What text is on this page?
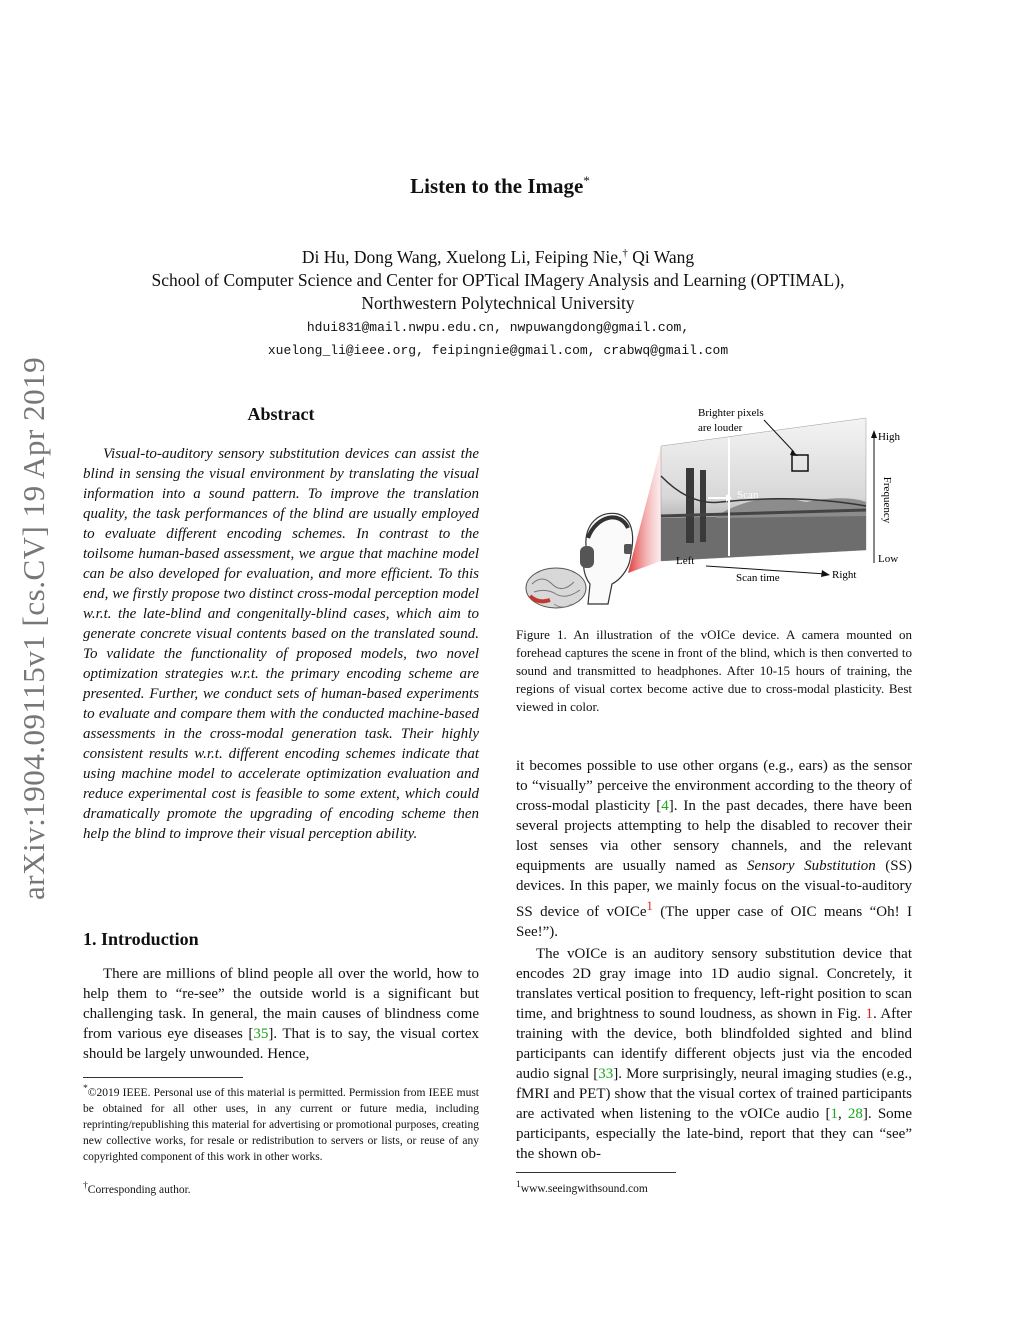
Listen to the Image*
Di Hu, Dong Wang, Xuelong Li, Feiping Nie,† Qi Wang
School of Computer Science and Center for OPTical IMagery Analysis and Learning (OPTIMAL),
Northwestern Polytechnical University
hdui831@mail.nwpu.edu.cn, nwpuwangdong@gmail.com,
xuelong_li@ieee.org, feipingnie@gmail.com, crabwq@gmail.com
arXiv:1904.09115v1 [cs.CV] 19 Apr 2019	Abstract

Visual-to-auditory sensory substitution devices can assist the blind in sensing the visual environment by translating the visual information into a sound pattern. To improve the translation quality, the task performances of the blind are usually employed to evaluate different encoding schemes. In contrast to the toilsome human-based assessment, we argue that machine model can be also developed for evaluation, and more efficient. To this end, we firstly propose two distinct cross-modal perception model w.r.t. the late-blind and congenitally-blind cases, which aim to generate concrete visual contents based on the translated sound. To validate the functionality of proposed models, two novel optimization strategies w.r.t. the primary encoding scheme are presented. Further, we conduct sets of human-based experiments to evaluate and compare them with the conducted machine-based assessments in the cross-modal generation task. Their highly consistent results w.r.t. different encoding schemes indicate that using machine model to accelerate optimization evaluation and reduce experimental cost is feasible to some extent, which could dramatically promote the upgrading of encoding scheme then help the blind to improve their visual perception ability.

1. Introduction

There are millions of blind people all over the world, how to help them to “re-see” the outside world is a significant but challenging task. In general, the main causes of blindness come from various eye diseases [35]. That is to say, the visual cortex should be largely unwounded. Hence,

*©2019 IEEE. Personal use of this material is permitted. Permission from IEEE must be obtained for all other uses, in any current or future media, including reprinting/republishing this material for advertising or promotional purposes, creating new collective works, for resale or redistribution to servers or lists, or reuse of any copyrighted component of this work in other works.

†Corresponding author.

Scan
Brighter pixels
are louder
High
Low
Frequency
Left
Scan time	Right

Figure 1. An illustration of the vOICe device. A camera mounted on forehead captures the scene in front of the blind, which is then converted to sound and transmitted to headphones. After 10-15 hours of training, the regions of visual cortex become active due to cross-modal plasticity. Best viewed in color.

it becomes possible to use other organs (e.g., ears) as the sensor to “visually” perceive the environment according to the theory of cross-modal plasticity [4]. In the past decades, there have been several projects attempting to help the disabled to recover their lost senses via other sensory channels, and the relevant equipments are usually named as Sensory Substitution (SS) devices. In this paper, we mainly focus on the visual-to-auditory SS device of vOICe$^1$ (The upper case of OIC means “Oh! I See!”).

The vOICe is an auditory sensory substitution device that encodes 2D gray image into 1D audio signal. Concretely, it translates vertical position to frequency, left-right position to scan time, and brightness to sound loudness, as shown in Fig. 1. After training with the device, both blindfolded sighted and blind participants can identify different objects just via the encoded audio signal [33]. More surprisingly, neural imaging studies (e.g., fMRI and PET) show that the visual cortex of trained participants are activated when listening to the vOICe audio [1, 28]. Some participants, especially the late-bind, report that they can “see” the shown ob-

$^1$www.seeingwithsound.com
